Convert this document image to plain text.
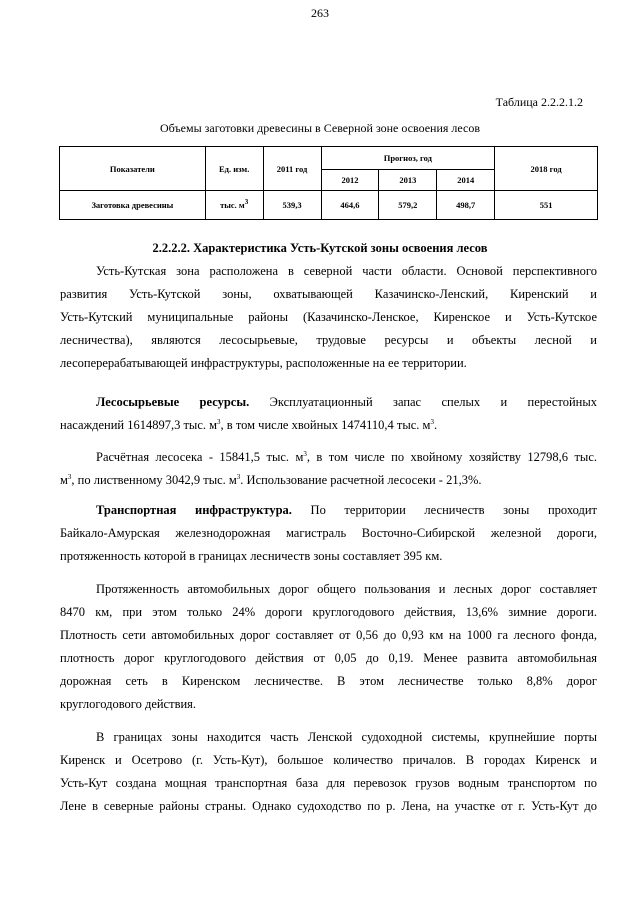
263
Таблица 2.2.2.1.2
Объемы заготовки древесины в Северной зоне освоения лесов
Показатели	Ед. изм.	2011 год	Прогноз, год			2018 год
			2012	2013	2014	
Заготовка древесины	тыс. $м^3$	539,3	464,6	579,2	498,7	551
2.2.2.2. Характеристика Усть-Кутской зоны освоения лесов
Усть-Кутская зона расположена в северной части области. Основой перспективного
развития Усть-Кутской зоны, охватывающей Казачинско-Ленский, Киренский и
Усть-Кутский муниципальные районы (Казачинско-Ленское, Киренское и Усть-Кутское
лесничества), являются лесосырьевые, трудовые ресурсы и объекты лесной и
лесоперерабатывающей инфраструктуры, расположенные на ее территории.
Лесосырьевые ресурсы. Эксплуатационный запас спелых и перестойных
насаждений 1614897,3 тыс. $м^3$, в том числе хвойных 1474110,4 тыс. $м^3$.
Расчётная лесосека - 15841,5 тыс. $м^3$, в том числе по хвойному хозяйству 12798,6 тыс.
$м^3$, по лиственному 3042,9 тыс. $м^3$. Использование расчетной лесосеки - 21,3%.
Транспортная инфраструктура. По территории лесничеств зоны проходит
Байкало-Амурская железнодорожная магистраль Восточно-Сибирской железной дороги,
протяженность которой в границах лесничеств зоны составляет 395 км.
Протяженность автомобильных дорог общего пользования и лесных дорог составляет
8470 км, при этом только 24% дороги круглогодового действия, 13,6% зимние дороги.
Плотность сети автомобильных дорог составляет от 0,56 до 0,93 км на 1000 га лесного фонда,
плотность дорог круглогодового действия от 0,05 до 0,19. Менее развита автомобильная
дорожная сеть в Киренском лесничестве. В этом лесничестве только 8,8% дорог
круглогодового действия.
В границах зоны находится часть Ленской судоходной системы, крупнейшие порты
Киренск и Осетрово (г. Усть-Кут), большое количество причалов. В городах Киренск и
Усть-Кут создана мощная транспортная база для перевозок грузов водным транспортом по
Лене в северные районы страны. Однако судоходство по р. Лена, на участке от г. Усть-Кут до
